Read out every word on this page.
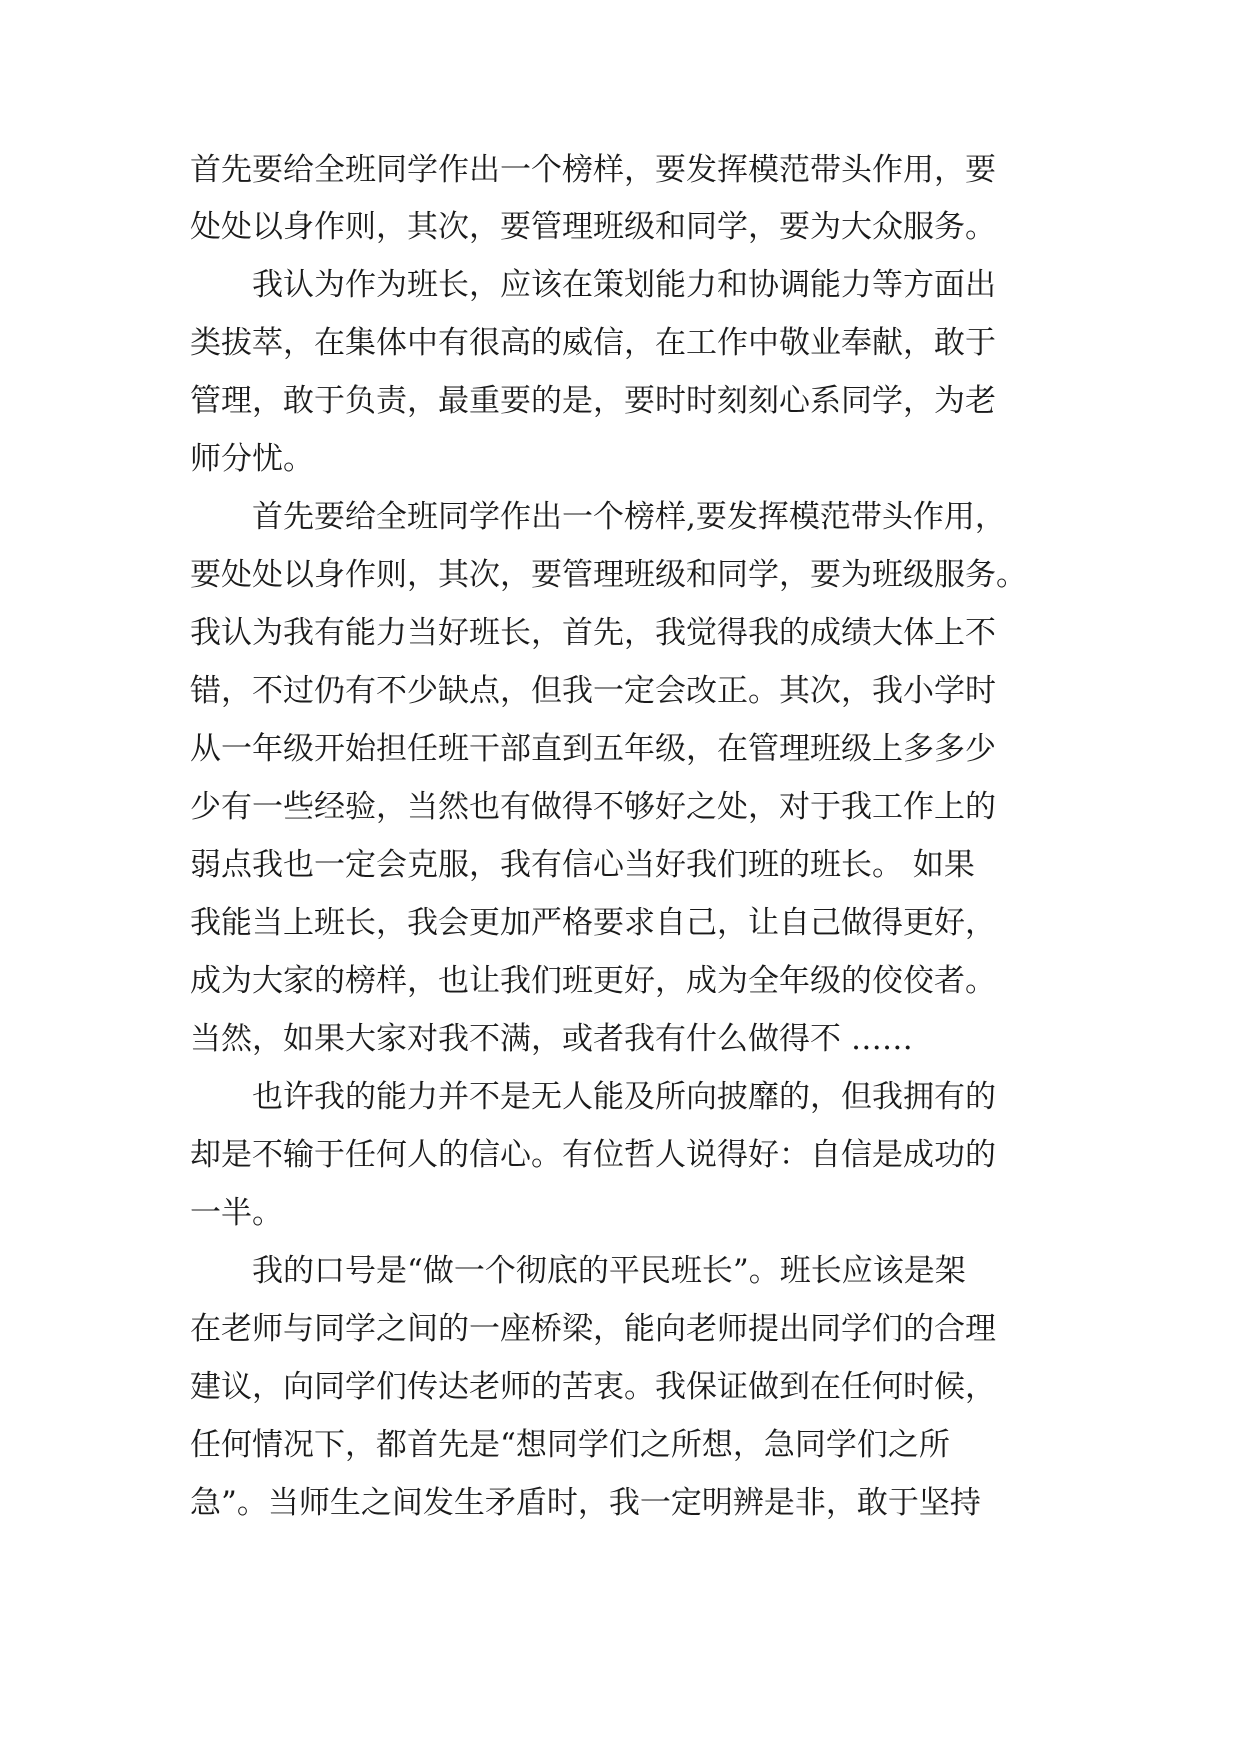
首先要给全班同学作出一个榜样，要发挥模范带头作用，要

处处以身作则，其次，要管理班级和同学，要为大众服务。

我认为作为班长，应该在策划能力和协调能力等方面出

类拔萃，在集体中有很高的威信，在工作中敬业奉献，敢于

管理，敢于负责，最重要的是，要时时刻刻心系同学，为老

师分忧。

首先要给全班同学作出一个榜样,要发挥模范带头作用，

要处处以身作则，其次，要管理班级和同学，要为班级服务。

我认为我有能力当好班长，首先，我觉得我的成绩大体上不

错，不过仍有不少缺点，但我一定会改正。其次，我小学时

从一年级开始担任班干部直到五年级，在管理班级上多多少

少有一些经验，当然也有做得不够好之处，对于我工作上的

弱点我也一定会克服，我有信心当好我们班的班长。 如果

我能当上班长，我会更加严格要求自己，让自己做得更好，

成为大家的榜样，也让我们班更好，成为全年级的佼佼者。

当然，如果大家对我不满，或者我有什么做得不 ……

也许我的能力并不是无人能及所向披靡的，但我拥有的

却是不输于任何人的信心。有位哲人说得好：自信是成功的

一半。

我的口号是“做一个彻底的平民班长”。班长应该是架

在老师与同学之间的一座桥梁，能向老师提出同学们的合理

建议，向同学们传达老师的苦衷。我保证做到在任何时候，

任何情况下，都首先是“想同学们之所想，急同学们之所

急”。当师生之间发生矛盾时，我一定明辨是非，敢于坚持
